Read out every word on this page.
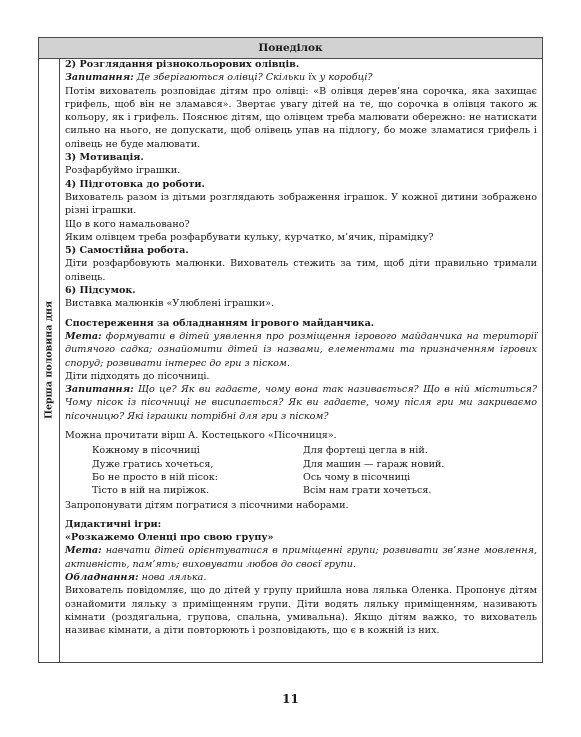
Понеділок
Перша половина дня

2) Розглядання різнокольорових олівців.

Запитання: Де зберігаються олівці? Скільки їх у коробці?

Потім вихователь розповідає дітям про олівці: «В олівця дерев’яна сорочка, яка захищає грифель, щоб він не зламався». Звертає увагу дітей на те, що сорочка в олівця такого ж кольору, як і грифель. Пояснює дітям, що олівцем треба малювати обережно: не натискати сильно на нього, не допускати, щоб олівець упав на підлогу, бо може зламатися грифель і олівець не буде малювати.

3) Мотивація.

Розфарбуймо іграшки.

4) Підготовка до роботи.

Вихователь разом із дітьми розглядають зображення іграшок. У кожної дитини зображено різні іграшки.

Що в кого намальовано?

Яким олівцем треба розфарбувати кульку, курчатко, м’ячик, пірамідку?

5) Самостійна робота.

Діти розфарбовують малюнки. Вихователь стежить за тим, щоб діти правильно тримали олівець.

6) Підсумок.

Виставка малюнків «Улюблені іграшки».

Спостереження за обладнанням ігрового майданчика.

Мета: формувати в дітей уявлення про розміщення ігрового майданчика на території дитячого садка; ознайомити дітей із назвами, елементами та призначенням ігрових споруд; розвивати інтерес до гри з піском.

Діти підходять до пісочниці.

Запитання: Що це? Як ви гадаєте, чому вона так називається? Що в ній міститься? Чому пісок із пісочниці не висипається? Як ви гадаєте, чому після гри ми закриваємо пісочницю? Які іграшки потрібні для гри з піском?

Можна прочитати вірш А. Костецького «Пісочниця».

Кожному в пісочниці	Для фортеці цегла в ній.
Дуже гратись хочеться,	Для машин — гараж новий.
Бо не просто в ній пісок:	Ось чому в пісочниці
Тісто в ній на пиріжок.	Всім нам грати хочеться.

Запропонувати дітям погратися з пісочними наборами.

Дидактичні ігри:

«Розкажемо Оленці про свою групу»

Мета: навчати дітей орієнтуватися в приміщенні групи; розвивати зв’язне мовлення, активність, пам’ять; виховувати любов до своєї групи.

Обладнання: нова лялька.

Вихователь повідомляє, що до дітей у групу прийшла нова лялька Оленка. Пропонує дітям ознайомити ляльку з приміщенням групи. Діти водять ляльку приміщенням, називають кімнати (роздягальна, групова, спальна, умивальна). Якщо дітям важко, то вихователь називає кімнати, а діти повторюють і розповідають, що є в кожній із них.

11
